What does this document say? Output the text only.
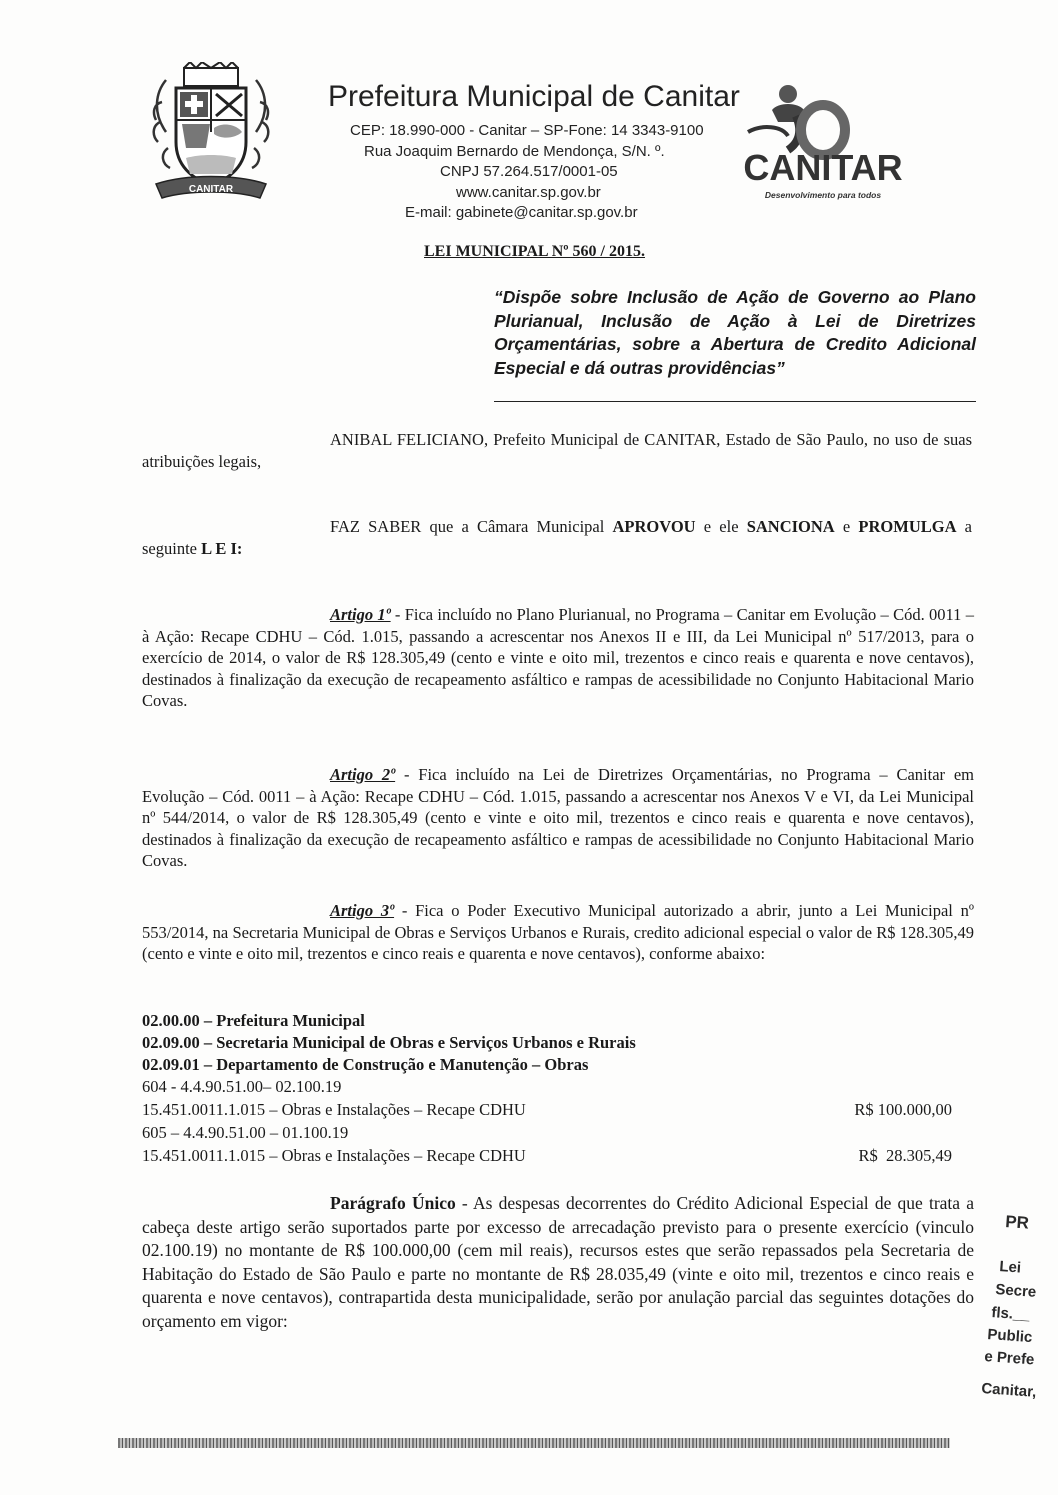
CANITAR
Prefeitura Municipal de Canitar
CEP: 18.990-000 - Canitar – SP-Fone: 14 3343-9100
Rua Joaquim Bernardo de Mendonça, S/N. º.
CNPJ 57.264.517/0001-05
www.canitar.sp.gov.br
E-mail: gabinete@canitar.sp.gov.br
CANITAR
Desenvolvimento para todos
LEI MUNICIPAL Nº 560 / 2015.
“Dispõe sobre Inclusão de Ação de Governo ao Plano Plurianual, Inclusão de Ação à Lei de Diretrizes Orçamentárias, sobre a Abertura de Credito Adicional Especial e dá outras providências”
ANIBAL FELICIANO, Prefeito Municipal de CANITAR, Estado de São Paulo, no uso de suas atribuições legais,
FAZ SABER que a Câmara Municipal APROVOU e ele SANCIONA e PROMULGA a seguinte L E I:
Artigo 1º - Fica incluído no Plano Plurianual, no Programa – Canitar em Evolução – Cód. 0011 – à Ação: Recape CDHU – Cód. 1.015, passando a acrescentar nos Anexos II e III, da Lei Municipal nº 517/2013, para o exercício de 2014, o valor de R$ 128.305,49 (cento e vinte e oito mil, trezentos e cinco reais e quarenta e nove centavos), destinados à finalização da execução de recapeamento asfáltico e rampas de acessibilidade no Conjunto Habitacional Mario Covas.
Artigo 2º - Fica incluído na Lei de Diretrizes Orçamentárias, no Programa – Canitar em Evolução – Cód. 0011 – à Ação: Recape CDHU – Cód. 1.015, passando a acrescentar nos Anexos V e VI, da Lei Municipal nº 544/2014, o valor de R$ 128.305,49 (cento e vinte e oito mil, trezentos e cinco reais e quarenta e nove centavos), destinados à finalização da execução de recapeamento asfáltico e rampas de acessibilidade no Conjunto Habitacional Mario Covas.
Artigo 3º - Fica o Poder Executivo Municipal autorizado a abrir, junto a Lei Municipal nº 553/2014, na Secretaria Municipal de Obras e Serviços Urbanos e Rurais, credito adicional especial o valor de R$ 128.305,49 (cento e vinte e oito mil, trezentos e cinco reais e quarenta e nove centavos), conforme abaixo:
02.00.00 – Prefeitura Municipal
02.09.00 – Secretaria Municipal de Obras e Serviços Urbanos e Rurais
02.09.01 – Departamento de Construção e Manutenção – Obras
604 - 4.4.90.51.00– 02.100.19
15.451.0011.1.015 – Obras e Instalações – Recape CDHU	R$ 100.000,00
605 – 4.4.90.51.00 – 01.100.19
15.451.0011.1.015 – Obras e Instalações – Recape CDHU	R$  28.305,49
Parágrafo Único - As despesas decorrentes do Crédito Adicional Especial de que trata a cabeça deste artigo serão suportados parte por excesso de arrecadação previsto para o presente exercício (vinculo 02.100.19) no montante de R$ 100.000,00 (cem mil reais), recursos estes que serão repassados pela Secretaria de Habitação do Estado de São Paulo e parte no montante de R$ 28.035,49 (vinte e oito mil, trezentos e cinco reais e quarenta e nove centavos), contrapartida desta municipalidade, serão por anulação parcial das seguintes dotações do orçamento em vigor:
PR
Lei
Secre
fls.__
Public
e Prefe
Canitar,
